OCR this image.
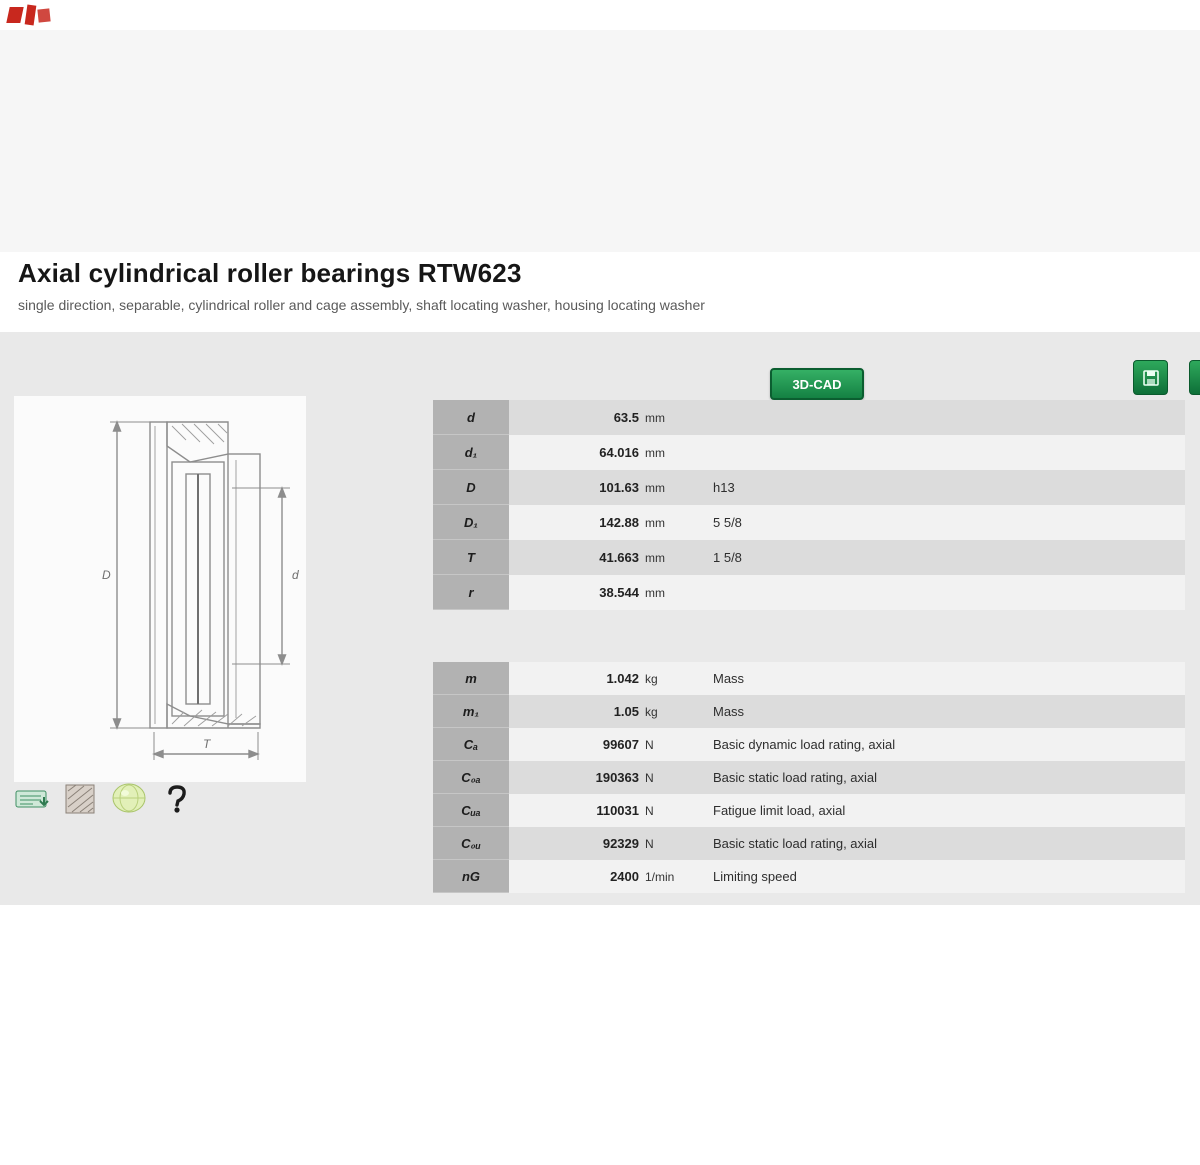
Axial cylindrical roller bearings RTW623
single direction, separable, cylindrical roller and cage assembly, shaft locating washer, housing locating washer
3D-CAD
D	d
T
d	63.5 mm
d₁	64.016 mm
D	101.63 mm	h13
D₁	142.88 mm	5 5/8
T	41.663 mm	1 5/8
r	38.544 mm
m	1.042 kg	Mass
m₁	1.05 kg	Mass
Cₐ	99607 N	Basic dynamic load rating, axial
C₀ₐ	190363 N	Basic static load rating, axial
Cᵤₐ	110031 N	Fatigue limit load, axial
C₀ᵤ	92329 N	Basic static load rating, axial
nG	2400 1/min	Limiting speed
